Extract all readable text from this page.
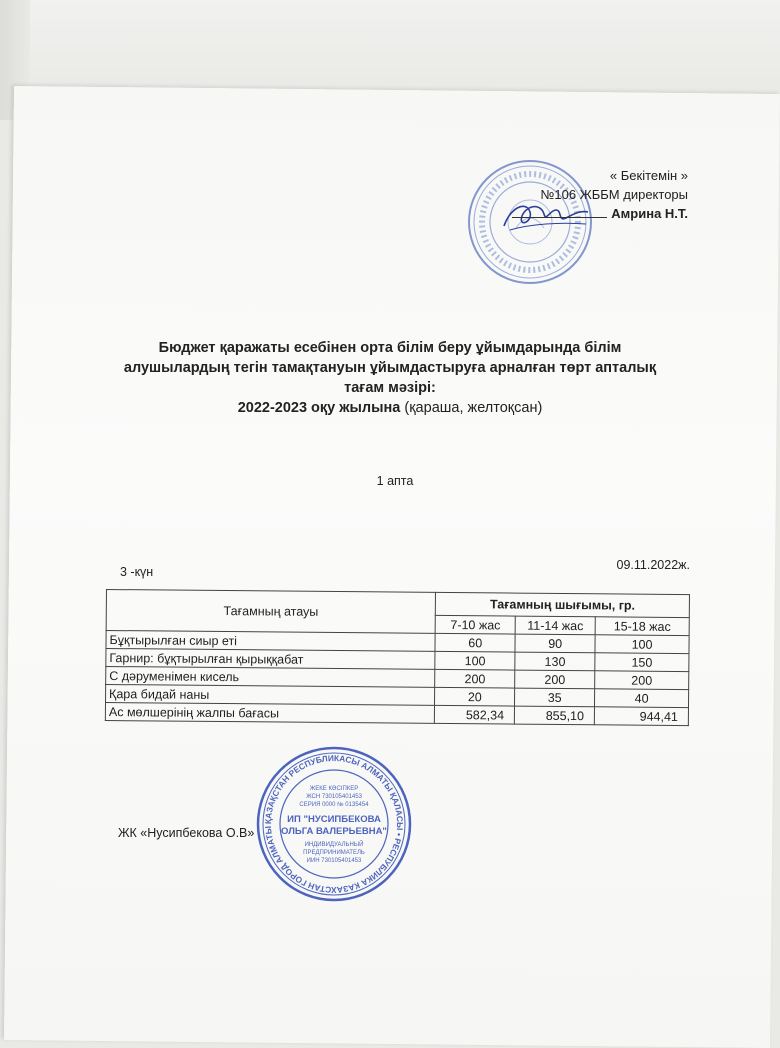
« Бекітемін »
№106 ЖББМ директоры
Амрина Н.Т.
Бюджет қаражаты есебінен орта білім беру ұйымдарында білім
алушылардың тегін тамақтануын ұйымдастыруға арналған төрт апталық
тағам мәзірі:
2022-2023 оқу жылына (қараша, желтоқсан)
1 апта
3 -күн	09.11.2022ж.
Тағамның атауы	Тағамның шығымы, гр.		
	7-10 жас	11-14 жас	15-18 жас
Бұқтырылған сиыр еті	60	90	100
Гарнир: бұқтырылған қырыққабат	100	130	150
С дәруменімен кисель	200	200	200
Қара бидай наны	20	35	40
Ас мөлшерінің жалпы бағасы	582,34	855,10	944,41
ЖК «Нусипбекова О.В»
ҚАЗАҚСТАН РЕСПУБЛИКАСЫ АЛМАТЫ ҚАЛАСЫ • РЕСПУБЛИКА КАЗАХСТАН ГОРОД АЛМАТЫ
ЖЕКЕ КӘСІПКЕР
ЖСН 730105401453
СЕРИЯ 0000 № 0135454
ИП "НУСИПБЕКОВА
ОЛЬГА ВАЛЕРЬЕВНА"
ИНДИВИДУАЛЬНЫЙ
ПРЕДПРИНИМАТЕЛЬ
ИИН 730105401453
